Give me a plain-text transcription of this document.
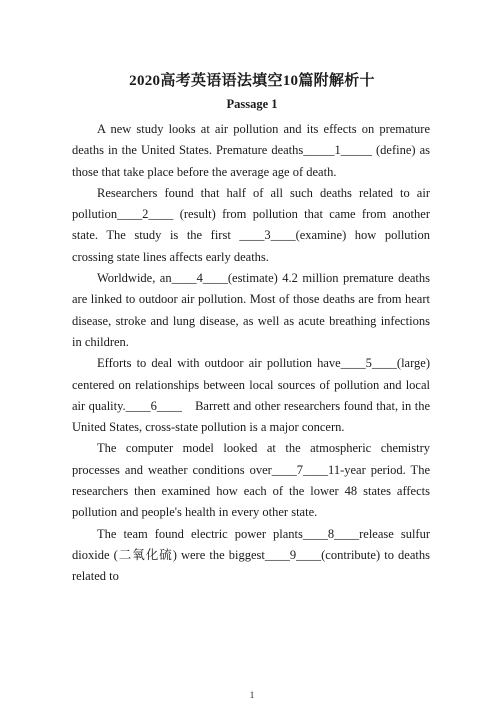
2020高考英语语法填空10篇附解析十
Passage 1

A new study looks at air pollution and its effects on premature deaths in the United States. Premature deaths_____1_____ (define) as those that take place before the average age of death.

Researchers found that half of all such deaths related to air pollution____2____ (result) from pollution that came from another state. The study is the first ____3____(examine) how pollution crossing state lines affects early deaths.

Worldwide, an____4____(estimate) 4.2 million premature deaths are linked to outdoor air pollution. Most of those deaths are from heart disease, stroke and lung disease, as well as acute breathing infections in children.

Efforts to deal with outdoor air pollution have____5____(large) centered on relationships between local sources of pollution and local air quality.____6____　Barrett and other researchers found that, in the United States, cross-state pollution is a major concern.

The computer model looked at the atmospheric chemistry processes and weather conditions over____7____11-year period. The researchers then examined how each of the lower 48 states affects pollution and people's health in every other state.

The team found electric power plants____8____release sulfur dioxide (二氧化硫) were the biggest____9____(contribute) to deaths related to

1
